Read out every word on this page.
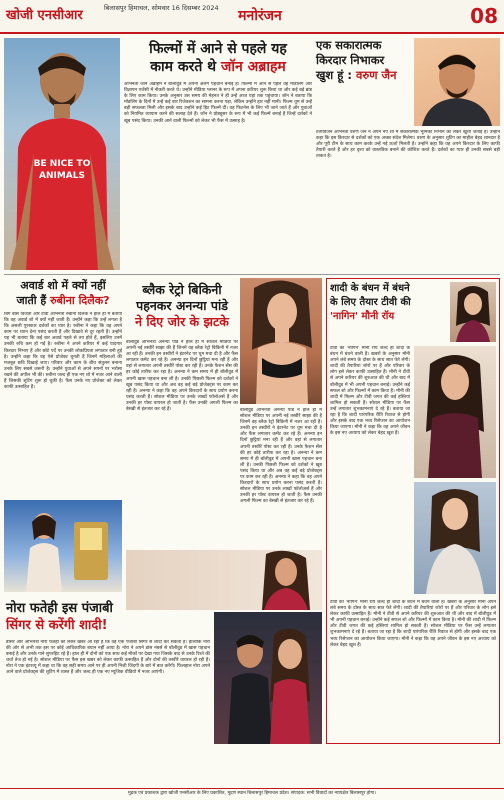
खोजी एनसीआर	बिलासपुर हिमाचल, सोमवार 16 दिसम्बर 2024	मनोरंजन	08
BE NICE TO ANIMALS
फिल्मों में आने से पहले यह
काम करते थे जॉन अब्राहम
अभिनेता जॉन अब्राहम ने बॉलीवुड में अपनी अलग पहचान बनाई है। फिल्मों में आने से पहले वह मॉडलिंग और विज्ञापन एजेंसी में नौकरी करते थे। उन्होंने मीडिया प्लानर के रूप में अपना करियर शुरू किया था और कई बड़े ब्रांड के लिए काम किया। उनके अनुसार उस समय की मेहनत ने ही उन्हें आज यहां तक पहुंचाया। जॉन ने बताया कि मॉडलिंग के दिनों में उन्हें कई बार रिजेक्शन का सामना करना पड़ा, लेकिन उन्होंने हार नहीं मानी। फिल्म धूम से उन्हें बड़ी सफलता मिली और इसके बाद उन्होंने कई हिट फिल्में दीं। वह फिटनेस के लिए भी जाने जाते हैं और युवाओं को नियमित व्यायाम करने की सलाह देते हैं। जॉन ने प्रोड्यूसर के रूप में भी कई फिल्में बनाई हैं जिन्हें दर्शकों ने खूब पसंद किया। उनकी आने वाली फिल्मों को लेकर भी फैंस में उत्साह है।
एक सकारात्मक
किरदार निभाकर
खुश हूं : वरुण जैन
टेलीविजन अभिनेता वरुण जैन ने अपने नए शो में सकारात्मक भूमिका निभाने को लेकर खुशी जताई है। उन्होंने कहा कि इस किरदार से दर्शकों को एक अच्छा संदेश मिलेगा। वरुण के अनुसार शूटिंग का माहौल बेहद शानदार है और पूरी टीम के साथ काम करके उन्हें नई ऊर्जा मिलती है। उन्होंने कहा कि वह अपने किरदार के लिए काफी तैयारी करते हैं और हर दृश्य को वास्तविक बनाने की कोशिश करते हैं। दर्शकों का प्यार ही उनकी सबसे बड़ी ताकत है।
अवार्ड शो में क्यों नहीं
जाती हैं रुबीना दिलैक?
बिग बॉस विजेता और टीवी अभिनेत्री रुबीना दिलैक ने हाल ही में बताया कि वह अवार्ड शो में क्यों नहीं जाती हैं। उन्होंने कहा कि उन्हें लगता है कि असली पुरस्कार दर्शकों का प्यार है। रुबीना ने कहा कि वह अपने काम पर ध्यान देना पसंद करती हैं और दिखावे से दूर रहती हैं। उन्होंने यह भी बताया कि कई बार अवार्ड पहले से तय होते हैं, इसलिए उनमें उनकी रुचि कम हो गई है। रुबीना ने अपने करियर में कई यादगार किरदार निभाए हैं और छोटे पर्दे पर उनकी लोकप्रियता लगातार बनी हुई है। उन्होंने कहा कि वह ऐसे प्रोजेक्ट चुनती हैं जिनमें महिलाओं की मजबूत छवि दिखाई जाए। परिवार और काम के बीच संतुलन बनाना उनके लिए सबसे जरूरी है। उन्होंने युवाओं से अपने सपनों पर भरोसा रखने की अपील भी की। रुबीना जल्द ही एक नए शो में नजर आने वाली हैं जिसकी शूटिंग शुरू हो चुकी है। फैंस उनके नए प्रोजेक्ट को लेकर काफी उत्साहित हैं।
ब्लैक रेट्रो बिकिनी
पहनकर अनन्या पांडे
ने दिए जोर के झटके
बॉलीवुड अभिनेत्री अनन्या पांडे ने हाल ही में सोशल मीडिया पर अपनी नई तस्वीरें साझा की हैं जिनमें वह ब्लैक रेट्रो बिकिनी में नजर आ रही हैं। उनकी इन तस्वीरों ने इंटरनेट पर धूम मचा दी है और फैंस लगातार कमेंट कर रहे हैं। अनन्या इन दिनों छुट्टियां मना रही हैं और वहां से लगातार अपनी तस्वीरें पोस्ट कर रही हैं। उनके फैशन सेंस की हर कोई तारीफ कर रहा है। अनन्या ने कम समय में ही बॉलीवुड में अपनी खास पहचान बना ली है। उनकी पिछली फिल्म को दर्शकों ने खूब पसंद किया था और अब वह कई बड़े प्रोजेक्ट्स पर काम कर रही हैं। अनन्या ने कहा कि वह अपने किरदारों के साथ प्रयोग करना पसंद करती हैं। सोशल मीडिया पर उनके लाखों फॉलोअर्स हैं और उनकी हर पोस्ट वायरल हो जाती है। फैंस उनकी अगली फिल्म का बेसब्री से इंतजार कर रहे हैं।	बॉलीवुड अभिनेत्री अनन्या पांडे ने हाल ही में सोशल मीडिया पर अपनी नई तस्वीरें साझा की हैं जिनमें वह ब्लैक रेट्रो बिकिनी में नजर आ रही हैं। उनकी इन तस्वीरों ने इंटरनेट पर धूम मचा दी है और फैंस लगातार कमेंट कर रहे हैं। अनन्या इन दिनों छुट्टियां मना रही हैं और वहां से लगातार अपनी तस्वीरें पोस्ट कर रही हैं। उनके फैशन सेंस की हर कोई तारीफ कर रहा है। अनन्या ने कम समय में ही बॉलीवुड में अपनी खास पहचान बना ली है। उनकी पिछली फिल्म को दर्शकों ने खूब पसंद किया था और अब वह कई बड़े प्रोजेक्ट्स पर काम कर रही हैं। अनन्या ने कहा कि वह अपने किरदारों के साथ प्रयोग करना पसंद करती हैं। सोशल मीडिया पर उनके लाखों फॉलोअर्स हैं और उनकी हर पोस्ट वायरल हो जाती है। फैंस उनकी अगली फिल्म का बेसब्री से इंतजार कर रहे हैं।
शादी के बंधन में बंधने
के लिए तैयार टीवी की
'नागिन' मौनी रॉय
टीवी की 'नागिन' मौनी रॉय जल्द ही शादी के बंधन में बंधने वाली हैं। खबरों के अनुसार मौनी अपने लंबे समय के दोस्त के साथ सात फेरे लेंगी। शादी की तैयारियां जोरों पर हैं और परिवार के लोग इसे लेकर काफी उत्साहित हैं। मौनी ने टीवी से अपने करियर की शुरुआत की थी और बाद में बॉलीवुड में भी अपनी पहचान बनाई। उन्होंने कई सफल शो और फिल्मों में काम किया है। मौनी की शादी में फिल्म और टीवी जगत की कई हस्तियां शामिल हो सकती हैं। सोशल मीडिया पर फैंस उन्हें लगातार शुभकामनाएं दे रहे हैं। बताया जा रहा है कि शादी पारंपरिक रीति रिवाज से होगी और इसके बाद एक भव्य रिसेप्शन का आयोजन किया जाएगा। मौनी ने कहा कि वह अपने जीवन के इस नए अध्याय को लेकर बेहद खुश हैं।
टीवी की 'नागिन' मौनी रॉय जल्द ही शादी के बंधन में बंधने वाली हैं। खबरों के अनुसार मौनी अपने लंबे समय के दोस्त के साथ सात फेरे लेंगी। शादी की तैयारियां जोरों पर हैं और परिवार के लोग इसे लेकर काफी उत्साहित हैं। मौनी ने टीवी से अपने करियर की शुरुआत की थी और बाद में बॉलीवुड में भी अपनी पहचान बनाई। उन्होंने कई सफल शो और फिल्मों में काम किया है। मौनी की शादी में फिल्म और टीवी जगत की कई हस्तियां शामिल हो सकती हैं। सोशल मीडिया पर फैंस उन्हें लगातार शुभकामनाएं दे रहे हैं। बताया जा रहा है कि शादी पारंपरिक रीति रिवाज से होगी और इसके बाद एक भव्य रिसेप्शन का आयोजन किया जाएगा। मौनी ने कहा कि वह अपने जीवन के इस नए अध्याय को लेकर बेहद खुश हैं।
नोरा फतेही इस पंजाबी
सिंगर से करेंगी शादी!
डांसर और अभिनेत्री नोरा फतेही को लेकर खबरें आ रही हैं कि वह एक पंजाबी सिंगर से शादी कर सकती हैं। हालांकि नोरा की ओर से अभी तक इस पर कोई आधिकारिक बयान नहीं आया है। नोरा ने अपने डांस नंबर्स से बॉलीवुड में खास पहचान बनाई है और उनके गाने सुपरहिट रहे हैं। हाल ही में दोनों को एक साथ कई मौकों पर देखा गया जिसके बाद से उनके रिश्ते की चर्चा तेज हो गई है। सोशल मीडिया पर फैंस इस खबर को लेकर काफी उत्साहित हैं और दोनों की तस्वीरें वायरल हो रही हैं। नोरा ने एक इंटरव्यू में कहा था कि वह सही समय आने पर ही अपनी निजी जिंदगी के बारे में बात करेंगी। फिलहाल नोरा अपने आने वाले प्रोजेक्ट्स की शूटिंग में व्यस्त हैं और जल्द ही एक नए म्यूजिक वीडियो में नजर आएंगी।
मुद्रक एवं प्रकाशक द्वारा खोजी एनसीआर के लिए प्रकाशित, मुद्रण स्थान बिलासपुर हिमाचल प्रदेश। संपादक: सभी विवादों का न्यायक्षेत्र बिलासपुर होगा।
